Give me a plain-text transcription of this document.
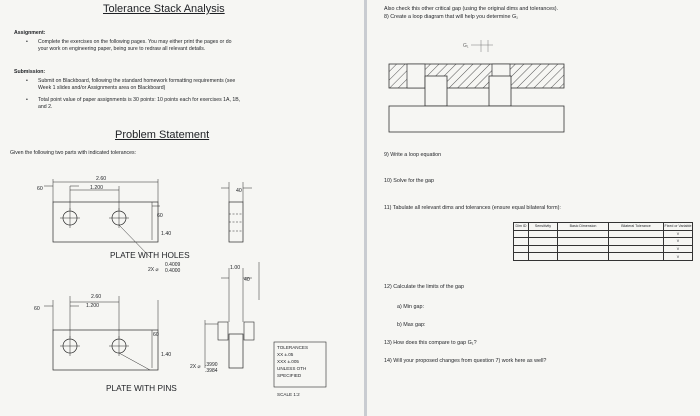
Tolerance Stack Analysis
Assignment:
• Complete the exercises on the following pages. You may either print the pages or do
your work on engineering paper, being sure to redraw all relevant details.
Submission:
• Submit on Blackboard, following the standard homework formatting requirements (see
Week 1 slides and/or Assignments area on Blackboard)
• Total point value of paper assignments is 30 points: 10 points each for exercises 1A, 1B,
and 2.
Problem Statement
Given the following two parts with indicated tolerances:
60
2.60
1.200
60
1.40
40
60
2.60
1.200
60
1.40
1.00
40
2X ⌀
0.4009
0.4000
2X ⌀ .3990
.3984
TOLERANCES
XX ±.05
XXX ±.005
UNLESS OTH
SPECIFIED
SCALE 1:2
PLATE WITH HOLES
PLATE WITH PINS
Also check this other critical gap (using the original dims and tolerances).
8) Create a loop diagram that will help you determine G₁
G₁
9) Write a loop equation
10) Solve for the gap
11) Tabulate all relevant dims and tolerances (ensure equal bilateral form):
Dim ID	Sensitivity	Basic Dimension	Bilateral Tolerance	Fixed or Variable
				V
				V
				V
				V
12) Calculate the limits of the gap
a) Min gap:
b) Max gap:
13) How does this compare to gap G₁?
14) Will your proposed changes from question 7) work here as well?
